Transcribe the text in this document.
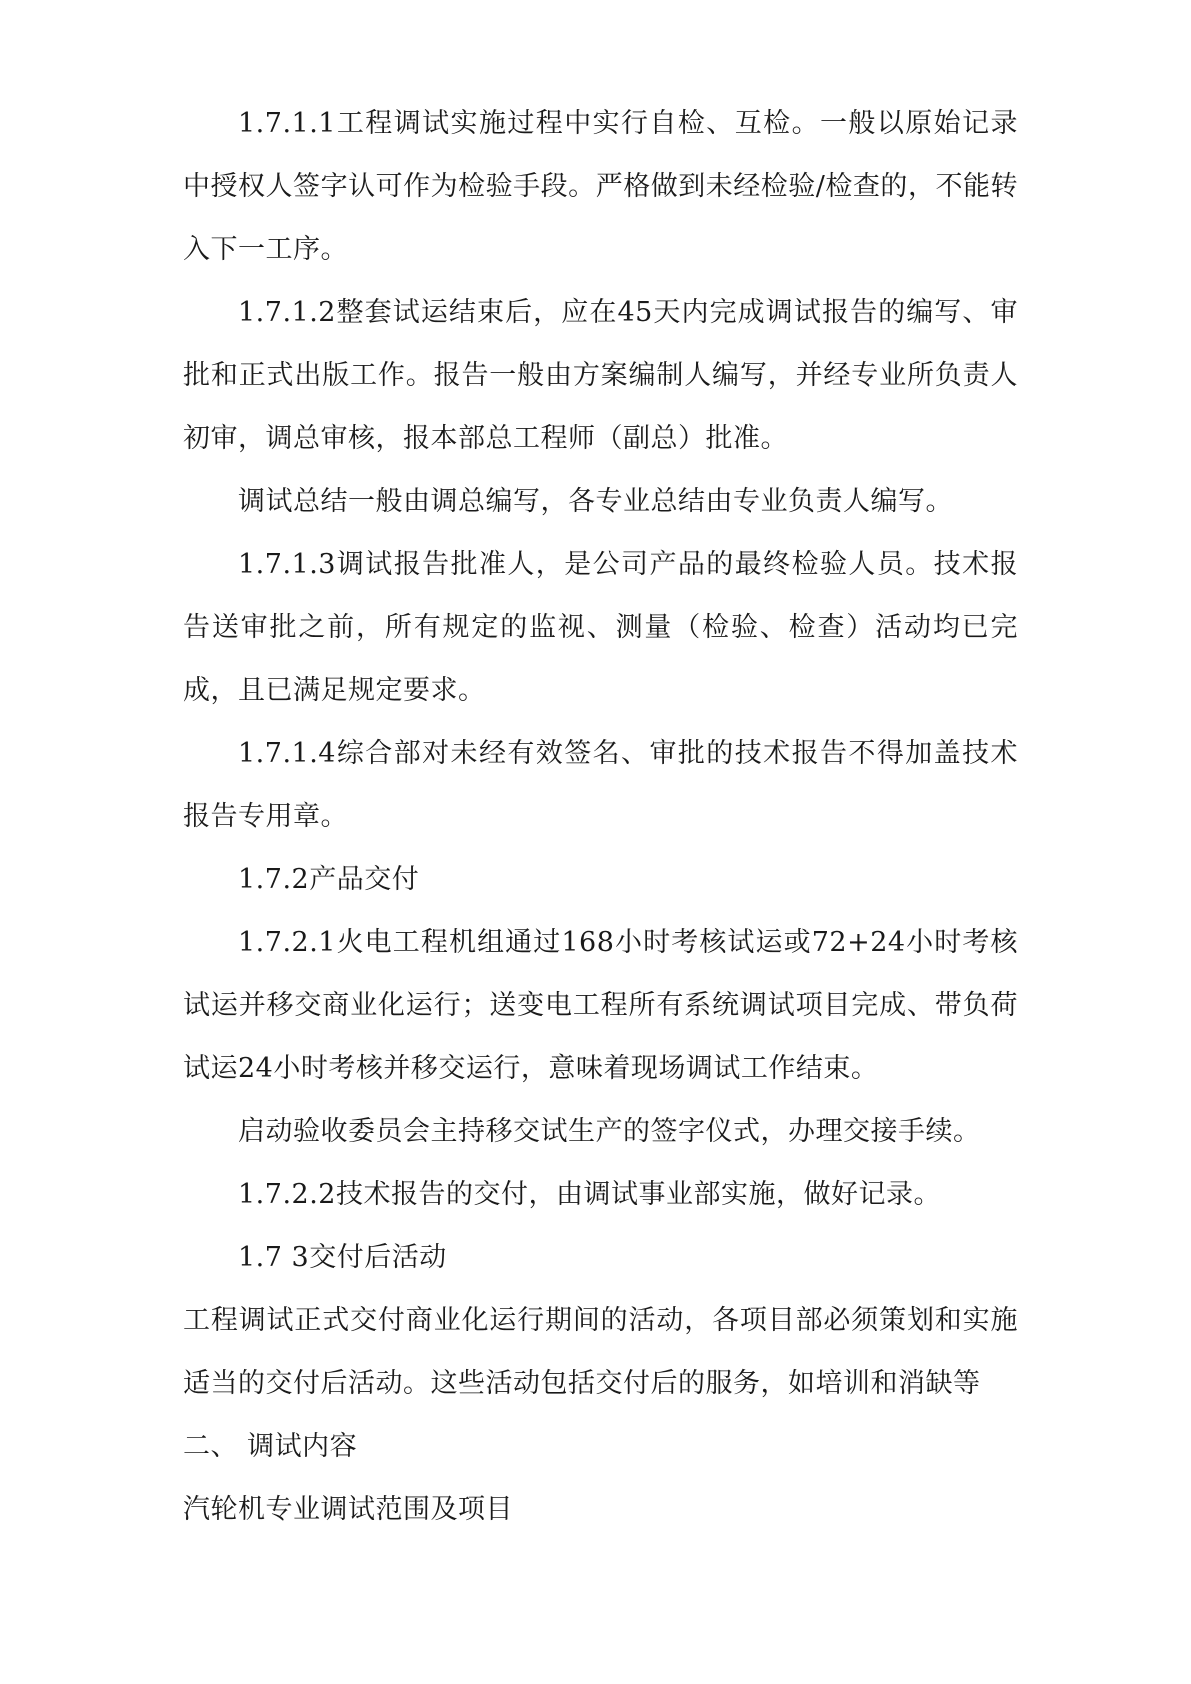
1.7.1.1工程调试实施过程中实行自检、互检。一般以原始记录中授权人签字认可作为检验手段。严格做到未经检验/检查的，不能转入下一工序。

1.7.1.2整套试运结束后，应在45天内完成调试报告的编写、审批和正式出版工作。报告一般由方案编制人编写，并经专业所负责人初审，调总审核，报本部总工程师（副总）批准。

调试总结一般由调总编写，各专业总结由专业负责人编写。

1.7.1.3调试报告批准人，是公司产品的最终检验人员。技术报告送审批之前，所有规定的监视、测量（检验、检查）活动均已完成，且已满足规定要求。

1.7.1.4综合部对未经有效签名、审批的技术报告不得加盖技术报告专用章。

1.7.2产品交付

1.7.2.1火电工程机组通过168小时考核试运或72+24小时考核试运并移交商业化运行；送变电工程所有系统调试项目完成、带负荷试运24小时考核并移交运行，意味着现场调试工作结束。

启动验收委员会主持移交试生产的签字仪式，办理交接手续。

1.7.2.2技术报告的交付，由调试事业部实施，做好记录。

1.7 3交付后活动

工程调试正式交付商业化运行期间的活动，各项目部必须策划和实施适当的交付后活动。这些活动包括交付后的服务，如培训和消缺等

二、 调试内容

汽轮机专业调试范围及项目
